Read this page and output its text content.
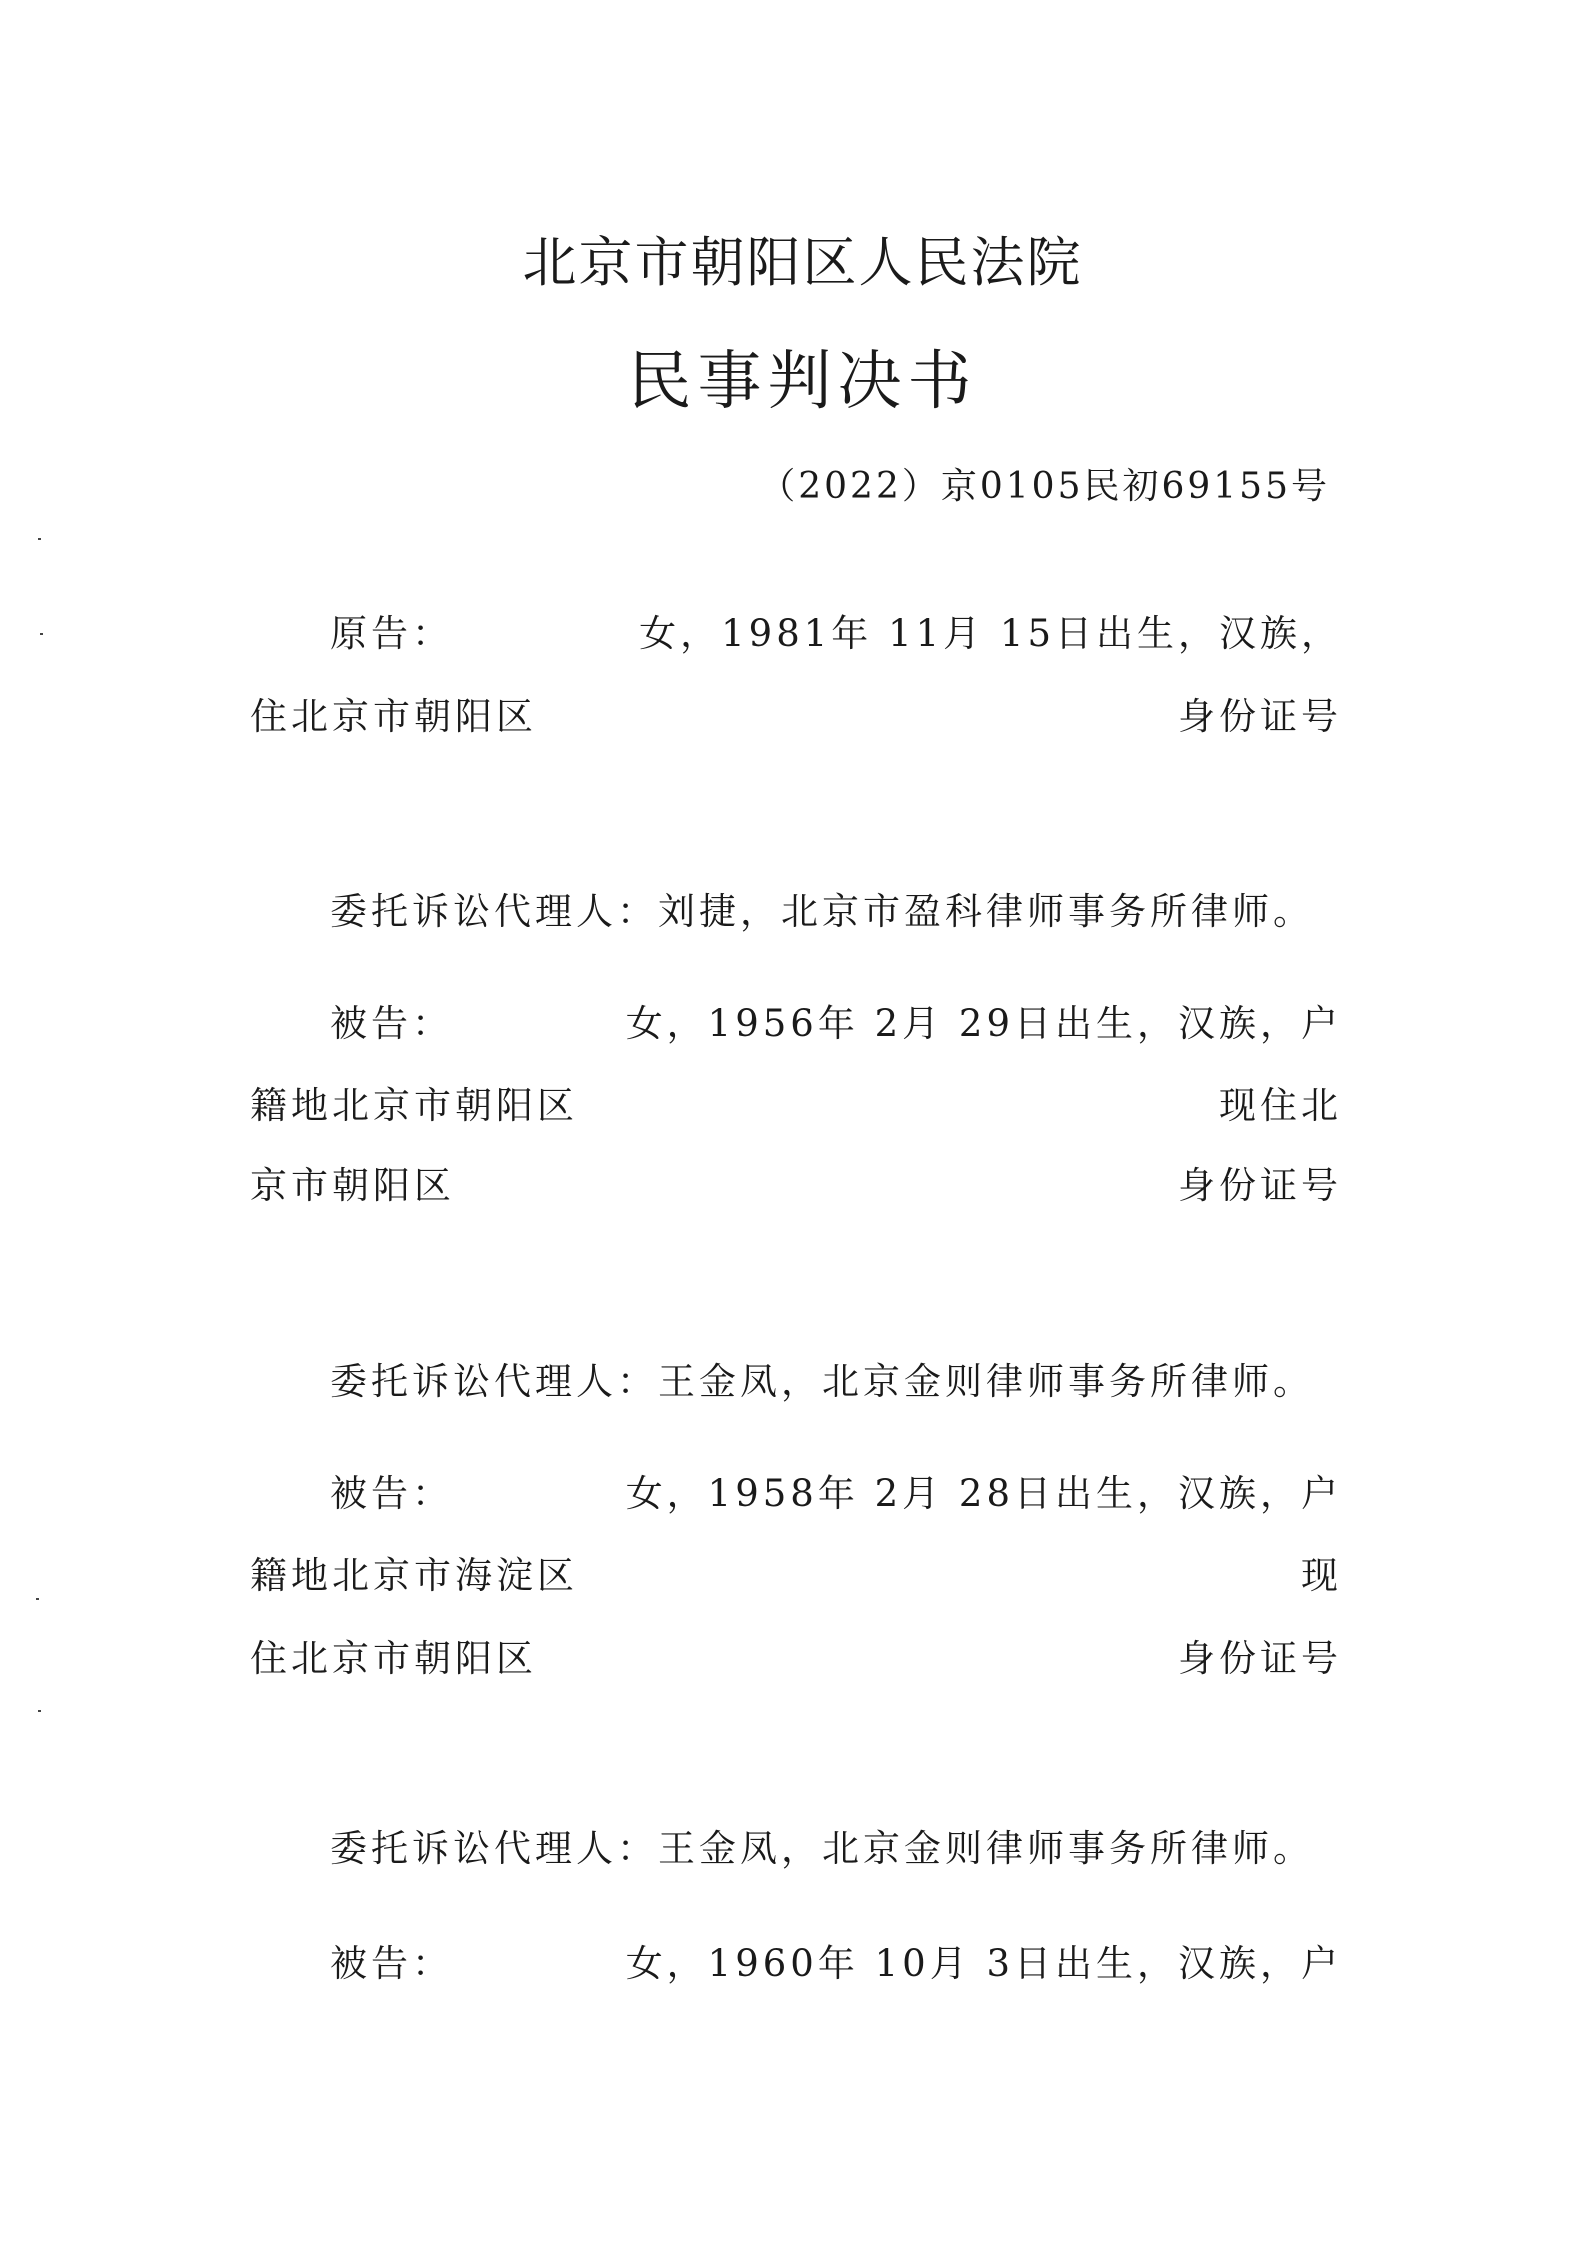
北京市朝阳区人民法院
民事判决书
（2022）京0105民初69155号
原告：	女，1981年 11月 15日出生，汉族，
住北京市朝阳区	身份证号
委托诉讼代理人：刘捷，北京市盈科律师事务所律师。
被告：	女，1956年 2月 29日出生，汉族，户
籍地北京市朝阳区	现住北
京市朝阳区	身份证号
委托诉讼代理人：王金凤，北京金则律师事务所律师。
被告：	女，1958年 2月 28日出生，汉族，户
籍地北京市海淀区	现
住北京市朝阳区	身份证号
委托诉讼代理人：王金凤，北京金则律师事务所律师。
被告：	女，1960年 10月 3日出生，汉族，户
